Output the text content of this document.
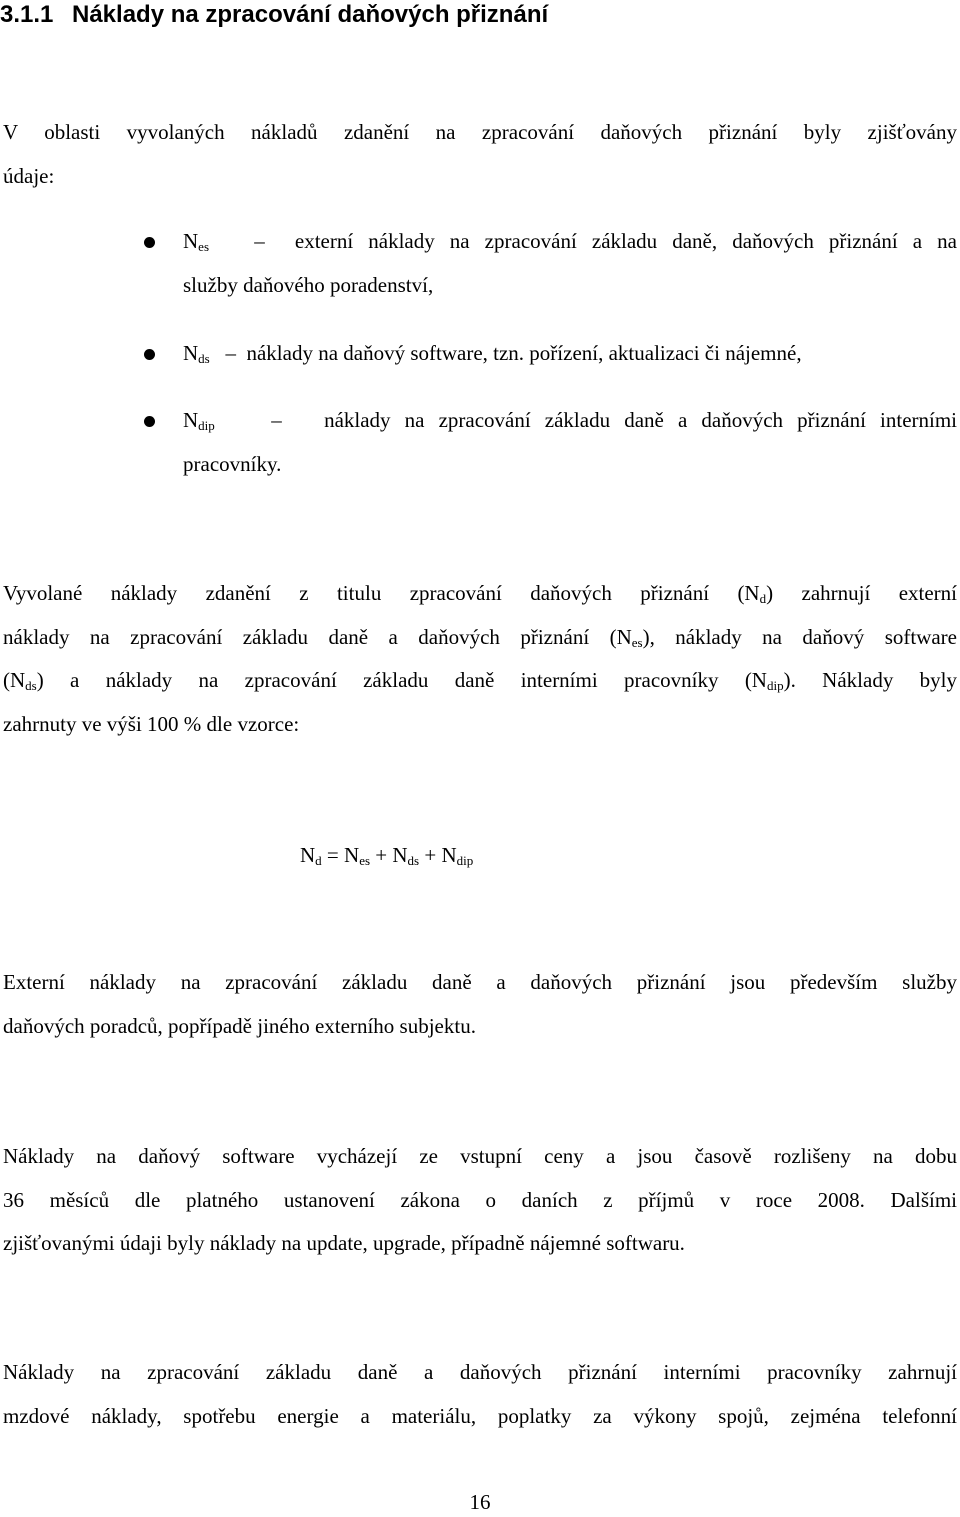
3.1.1 Náklady na zpracování daňových přiznání
V oblasti vyvolaných nákladů zdanění na zpracování daňových přiznání byly zjišťovány
údaje:
$N_{es}$ – externí náklady na zpracování základu daně, daňových přiznání a na
služby daňového poradenství,
$N_{ds}$ – náklady na daňový software, tzn. pořízení, aktualizaci či nájemné,
$N_{dip}$	– náklady na zpracování základu daně a daňových přiznání interními
pracovníky.
Vyvolané náklady zdanění z titulu zpracování daňových přiznání $(N_d)$ zahrnují externí
náklady na zpracování základu daně a daňových přiznání $(N_{es})$, náklady na daňový software
$(N_{ds})$ a náklady na zpracování základu daně interními pracovníky $(N_{dip})$. Náklady byly
zahrnuty ve výši 100 % dle vzorce:
$N_d = N_{es} + N_{ds} + N_{dip}$
Externí náklady na zpracování základu daně a daňových přiznání jsou především služby
daňových poradců, popřípadě jiného externího subjektu.
Náklady na daňový software vycházejí ze vstupní ceny a jsou časově rozlišeny na dobu
36 měsíců dle platného ustanovení zákona o daních z příjmů v roce 2008. Dalšími
zjišťovanými údaji byly náklady na update, upgrade, případně nájemné softwaru.
Náklady na zpracování základu daně a daňových přiznání interními pracovníky zahrnují
mzdové náklady, spotřebu energie a materiálu, poplatky za výkony spojů, zejména telefonní
16
